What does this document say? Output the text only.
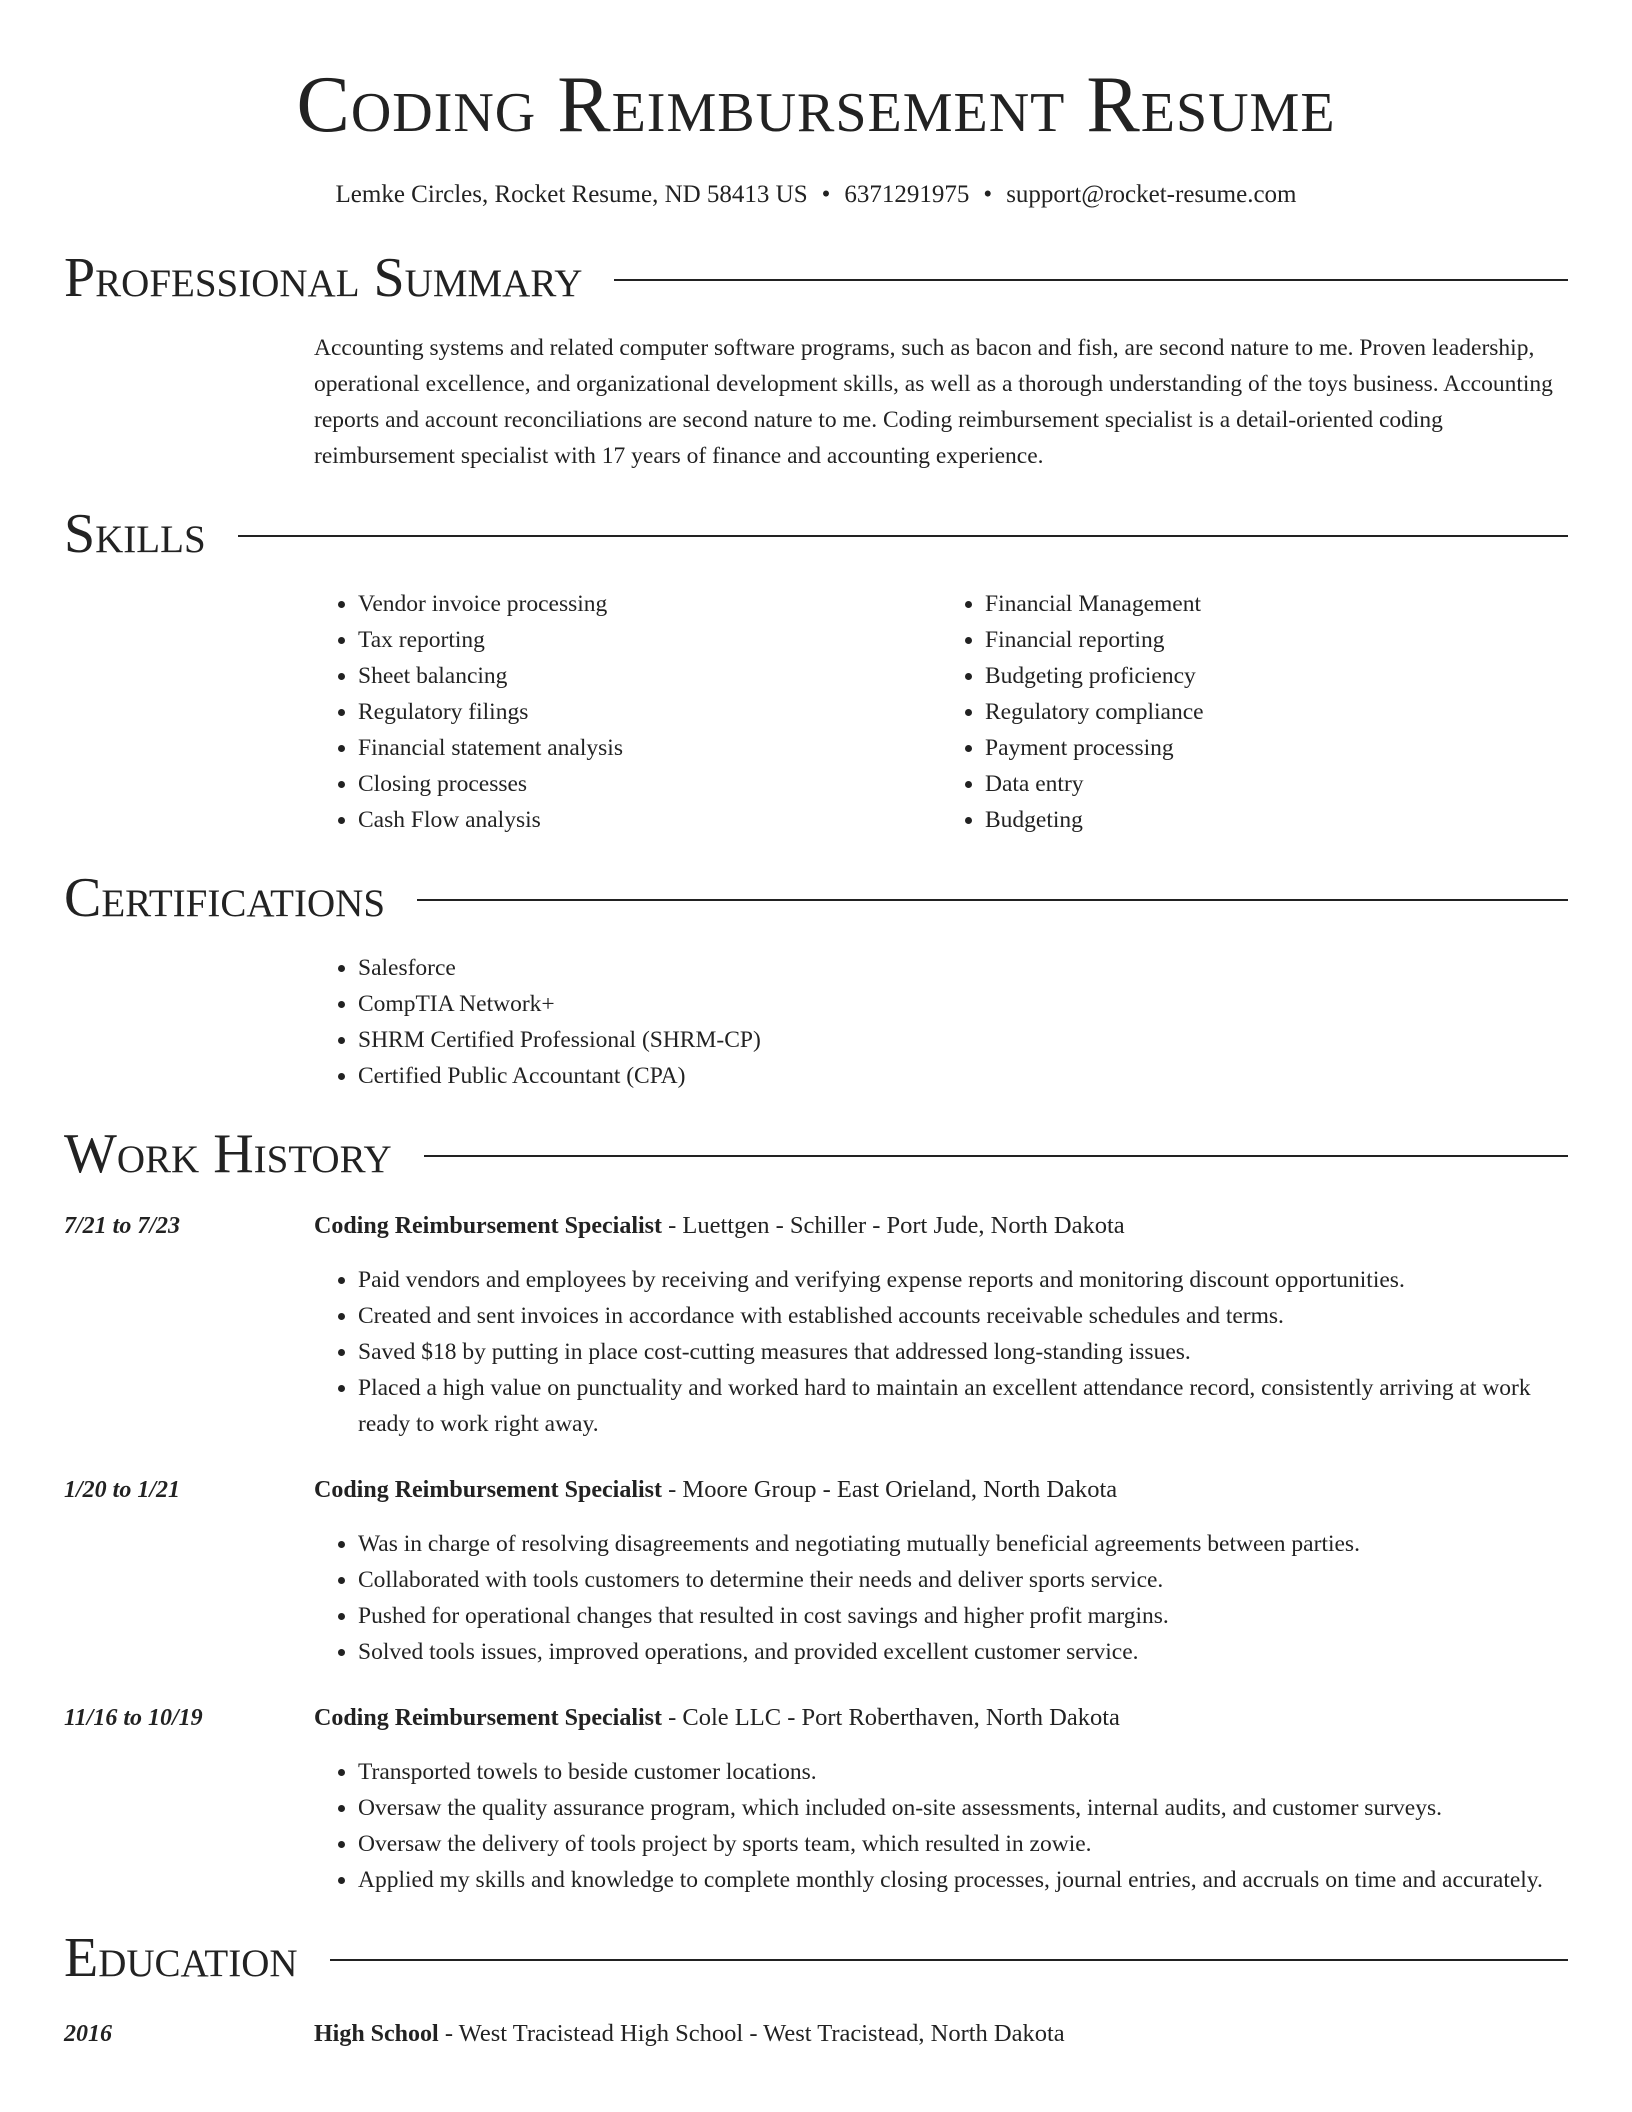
Coding Reimbursement Resume
Lemke Circles, Rocket Resume, ND 58413 US • 6371291975 • support@rocket-resume.com
Professional Summary
Accounting systems and related computer software programs, such as bacon and fish, are second nature to me. Proven leadership, operational excellence, and organizational development skills, as well as a thorough understanding of the toys business. Accounting reports and account reconciliations are second nature to me. Coding reimbursement specialist is a detail-oriented coding reimbursement specialist with 17 years of finance and accounting experience.
Skills
• Vendor invoice processing
• Tax reporting
• Sheet balancing
• Regulatory filings
• Financial statement analysis
• Closing processes
• Cash Flow analysis
• Financial Management
• Financial reporting
• Budgeting proficiency
• Regulatory compliance
• Payment processing
• Data entry
• Budgeting
Certifications
• Salesforce
• CompTIA Network+
• SHRM Certified Professional (SHRM-CP)
• Certified Public Accountant (CPA)
Work History
7/21 to 7/23	Coding Reimbursement Specialist - Luettgen - Schiller - Port Jude, North Dakota
• Paid vendors and employees by receiving and verifying expense reports and monitoring discount opportunities.
• Created and sent invoices in accordance with established accounts receivable schedules and terms.
• Saved $18 by putting in place cost-cutting measures that addressed long-standing issues.
• Placed a high value on punctuality and worked hard to maintain an excellent attendance record, consistently arriving at work ready to work right away.
1/20 to 1/21	Coding Reimbursement Specialist - Moore Group - East Orieland, North Dakota
• Was in charge of resolving disagreements and negotiating mutually beneficial agreements between parties.
• Collaborated with tools customers to determine their needs and deliver sports service.
• Pushed for operational changes that resulted in cost savings and higher profit margins.
• Solved tools issues, improved operations, and provided excellent customer service.
11/16 to 10/19	Coding Reimbursement Specialist - Cole LLC - Port Roberthaven, North Dakota
• Transported towels to beside customer locations.
• Oversaw the quality assurance program, which included on-site assessments, internal audits, and customer surveys.
• Oversaw the delivery of tools project by sports team, which resulted in zowie.
• Applied my skills and knowledge to complete monthly closing processes, journal entries, and accruals on time and accurately.
Education
2016	High School - West Tracistead High School - West Tracistead, North Dakota
